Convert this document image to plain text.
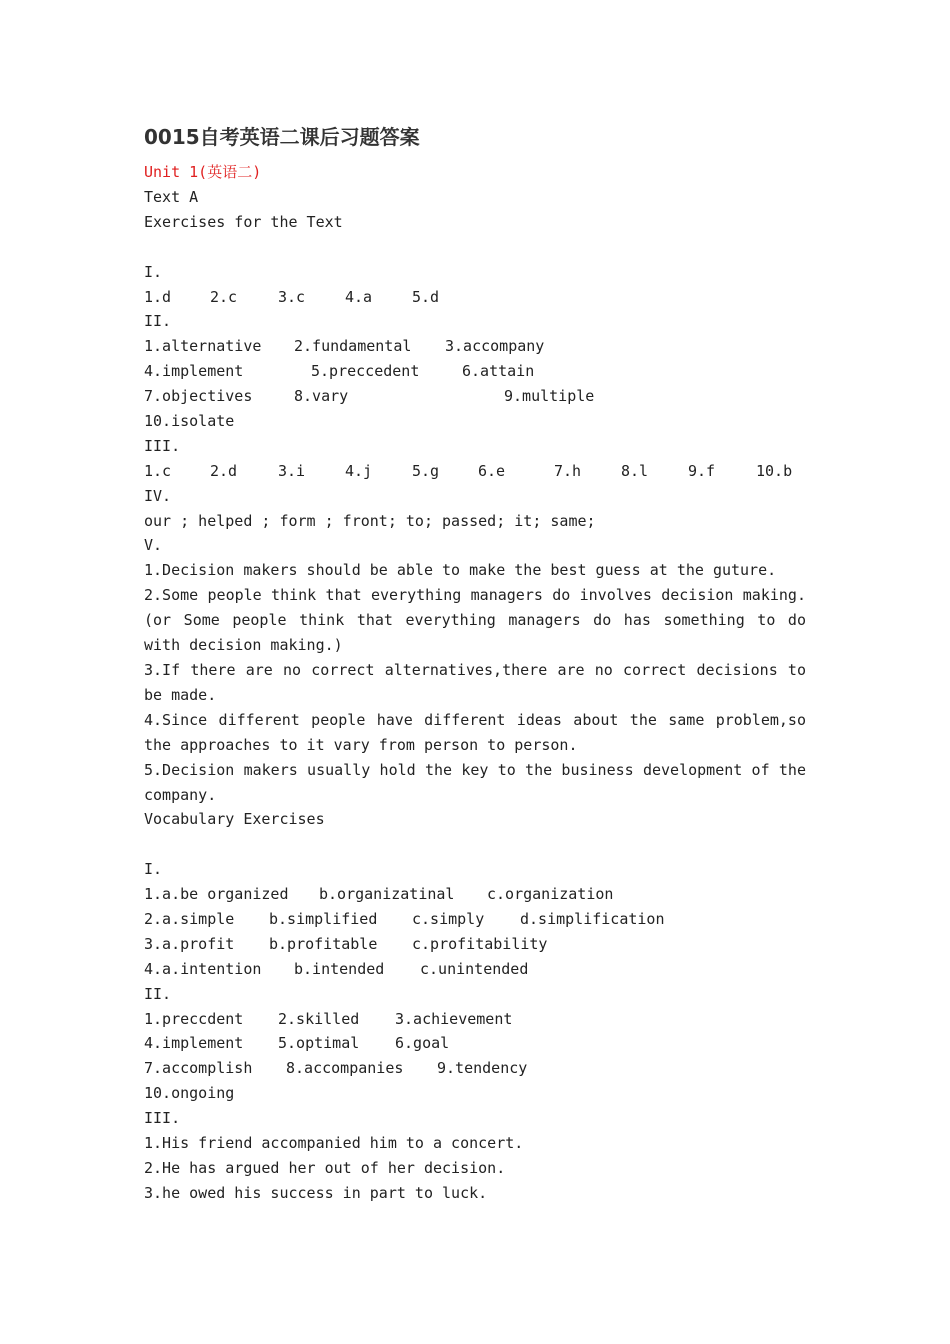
0015自考英语二课后习题答案
Unit 1(英语二)
Text A
Exercises for the Text
I.
1.d	2.c	3.c	4.a	5.d
II.
1.alternative 2.fundamental 3.accompany
4.implement	5.preccedent	6.attain
7.objectives	8.vary	9.multiple
10.isolate
III.
1.c	2.d	3.i	4.j	5.g	6.e	7.h	8.l	9.f	10.b
IV.
our ; helped ; form ; front; to; passed; it; same;
V.
1.Decision makers should be able to make the best guess at the guture.
2.Some people think that everything managers do involves decision making.(or Some people think that everything managers do has something to do with decision making.)
3.If there are no correct alternatives,there are no correct decisions to be made.
4.Since different people have different ideas about the same problem,so the approaches to it vary from person to person.
5.Decision makers usually hold the key to the business development of the company.
Vocabulary Exercises
I.
1.a.be organized b.organizatinal c.organization
2.a.simple b.simplified c.simply d.simplification
3.a.profit b.profitable c.profitability
4.a.intention b.intended c.unintended
II.
1.preccdent 2.skilled 3.achievement
4.implement 5.optimal 6.goal
7.accomplish 8.accompanies 9.tendency
10.ongoing
III.
1.His friend accompanied him to a concert.
2.He has argued her out of her decision.
3.he owed his success in part to luck.
